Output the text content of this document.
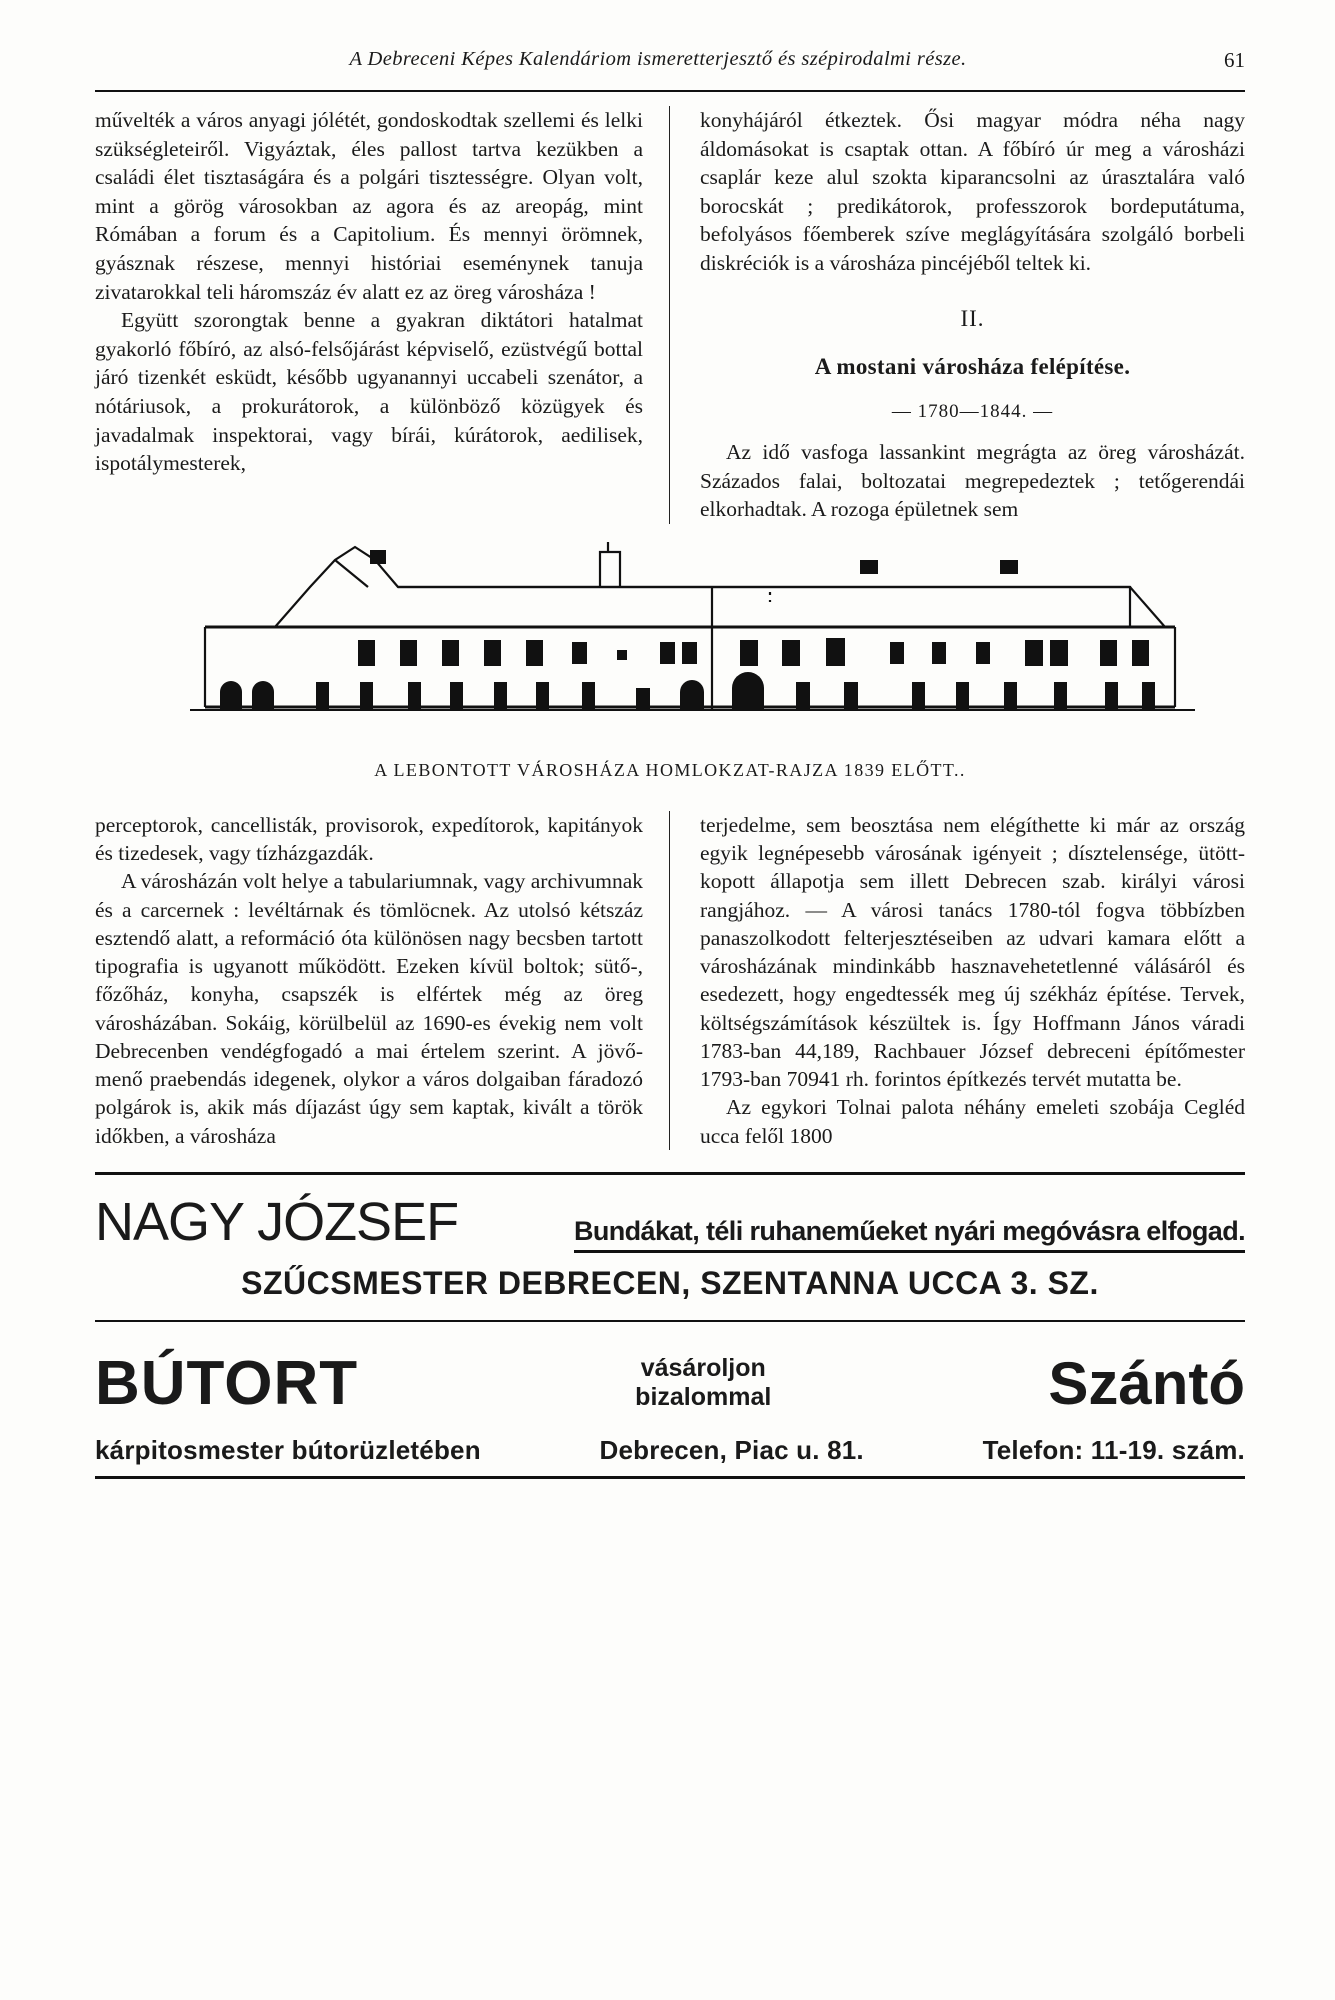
A Debreceni Képes Kalendáriom ismeretterjesztő és szépirodalmi része.	61

művelték a város anyagi jólétét, gondoskodtak szellemi és lelki szükségleteiről. Vigyáztak, éles pallost tartva kezükben a családi élet tisztaságára és a polgári tisztességre. Olyan volt, mint a görög városokban az agora és az areopág, mint Rómában a forum és a Capitolium. És mennyi örömnek, gyásznak részese, mennyi históriai eseménynek tanuja zivatarokkal teli háromszáz év alatt ez az öreg városháza !

Együtt szorongtak benne a gyakran diktátori hatalmat gyakorló főbíró, az alsó-felsőjárást képviselő, ezüstvégű bottal járó tizenkét esküdt, később ugyanannyi uccabeli szenátor, a nótáriusok, a prokurátorok, a különböző közügyek és javadalmak inspektorai, vagy bírái, kúrátorok, aedilisek, ispotálymesterek,

konyhájáról étkeztek. Ősi magyar módra néha nagy áldomásokat is csaptak ottan. A főbíró úr meg a városházi csaplár keze alul szokta kiparancsolni az úrasztalára való borocskát ; predikátorok, professzorok bordeputátuma, befolyásos főemberek szíve meglágyítására szolgáló borbeli diskréciók is a városháza pincéjéből teltek ki.

II.
A mostani városháza felépítése.
— 1780—1844. —

Az idő vasfoga lassankint megrágta az öreg városházát. Százados falai, boltozatai megrepedeztek ; tetőgerendái elkorhadtak. A rozoga épületnek sem

A LEBONTOTT VÁROSHÁZA HOMLOKZAT-RAJZA 1839 ELŐTT..

perceptorok, cancellisták, provisorok, expedítorok, kapitányok és tizedesek, vagy tízházgazdák.

A városházán volt helye a tabulariumnak, vagy archivumnak és a carcernek : levéltárnak és tömlöcnek. Az utolsó kétszáz esztendő alatt, a reformáció óta különösen nagy becsben tartott tipografia is ugyanott működött. Ezeken kívül boltok; sütő-, főzőház, konyha, csapszék is elfértek még az öreg városházában. Sokáig, körülbelül az 1690-es évekig nem volt Debrecenben vendégfogadó a mai értelem szerint. A jövő-menő praebendás idegenek, olykor a város dolgaiban fáradozó polgárok is, akik más díjazást úgy sem kaptak, kivált a török időkben, a városháza

terjedelme, sem beosztása nem elégíthette ki már az ország egyik legnépesebb városának igényeit ; dísztelensége, ütött-kopott állapotja sem illett Debrecen szab. királyi városi rangjához. — A városi tanács 1780-tól fogva többízben panaszolkodott felterjesztéseiben az udvari kamara előtt a városházának mindinkább hasznavehetetlenné válásáról és esedezett, hogy engedtessék meg új székház építése. Tervek, költségszámítások készültek is. Így Hoffmann János váradi 1783-ban 44,189, Rachbauer József debreceni építőmester 1793-ban 70941 rh. forintos építkezés tervét mutatta be.

Az egykori Tolnai palota néhány emeleti szobája Cegléd ucca felől 1800

NAGY JÓZSEF	Bundákat, téli ruhaneműeket nyári megóvásra elfogad.
SZŰCSMESTER DEBRECEN, SZENTANNA UCCA 3. SZ.
BÚTORT	vásároljon
bizalommal	Szántó
kárpitosmester bútorüzletében	Debrecen, Piac u. 81.	Telefon: 11-19. szám.
